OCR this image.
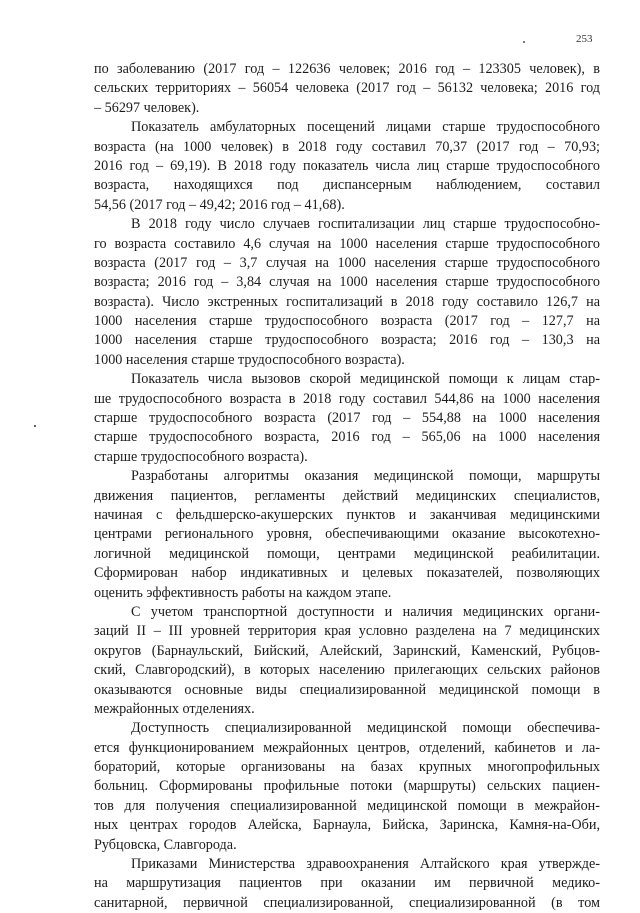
253
по заболеванию (2017 год – 122636 человек; 2016 год – 123305 человек), в
сельских территориях – 56054 человека (2017 год – 56132 человека; 2016 год
– 56297 человек).
Показатель амбулаторных посещений лицами старше трудоспособного
возраста (на 1000 человек) в 2018 году составил 70,37 (2017 год – 70,93;
2016 год – 69,19). В 2018 году показатель числа лиц старше трудоспособного
возраста, находящихся под диспансерным наблюдением, составил
54,56 (2017 год – 49,42; 2016 год – 41,68).
В 2018 году число случаев госпитализации лиц старше трудоспособно-
го возраста составило 4,6 случая на 1000 населения старше трудоспособного
возраста (2017 год – 3,7 случая на 1000 населения старше трудоспособного
возраста; 2016 год – 3,84 случая на 1000 населения старше трудоспособного
возраста). Число экстренных госпитализаций в 2018 году составило 126,7 на
1000 населения старше трудоспособного возраста (2017 год – 127,7 на
1000 населения старше трудоспособного возраста; 2016 год – 130,3 на
1000 населения старше трудоспособного возраста).
Показатель числа вызовов скорой медицинской помощи к лицам стар-
ше трудоспособного возраста в 2018 году составил 544,86 на 1000 населения
старше трудоспособного возраста (2017 год – 554,88 на 1000 населения
старше трудоспособного возраста, 2016 год – 565,06 на 1000 населения
старше трудоспособного возраста).
Разработаны алгоритмы оказания медицинской помощи, маршруты
движения пациентов, регламенты действий медицинских специалистов,
начиная с фельдшерско-акушерских пунктов и заканчивая медицинскими
центрами регионального уровня, обеспечивающими оказание высокотехно-
логичной медицинской помощи, центрами медицинской реабилитации.
Сформирован набор индикативных и целевых показателей, позволяющих
оценить эффективность работы на каждом этапе.
С учетом транспортной доступности и наличия медицинских органи-
заций II – III уровней территория края условно разделена на 7 медицинских
округов (Барнаульский, Бийский, Алейский, Заринский, Каменский, Рубцов-
ский, Славгородский), в которых населению прилегающих сельских районов
оказываются основные виды специализированной медицинской помощи в
межрайонных отделениях.
Доступность специализированной медицинской помощи обеспечива-
ется функционированием межрайонных центров, отделений, кабинетов и ла-
бораторий, которые организованы на базах крупных многопрофильных
больниц. Сформированы профильные потоки (маршруты) сельских пациен-
тов для получения специализированной медицинской помощи в межрайон-
ных центрах городов Алейска, Барнаула, Бийска, Заринска, Камня-на-Оби,
Рубцовска, Славгорода.
Приказами Министерства здравоохранения Алтайского края утвержде-
на маршрутизация пациентов при оказании им первичной медико-
санитарной, первичной специализированной, специализированной (в том
